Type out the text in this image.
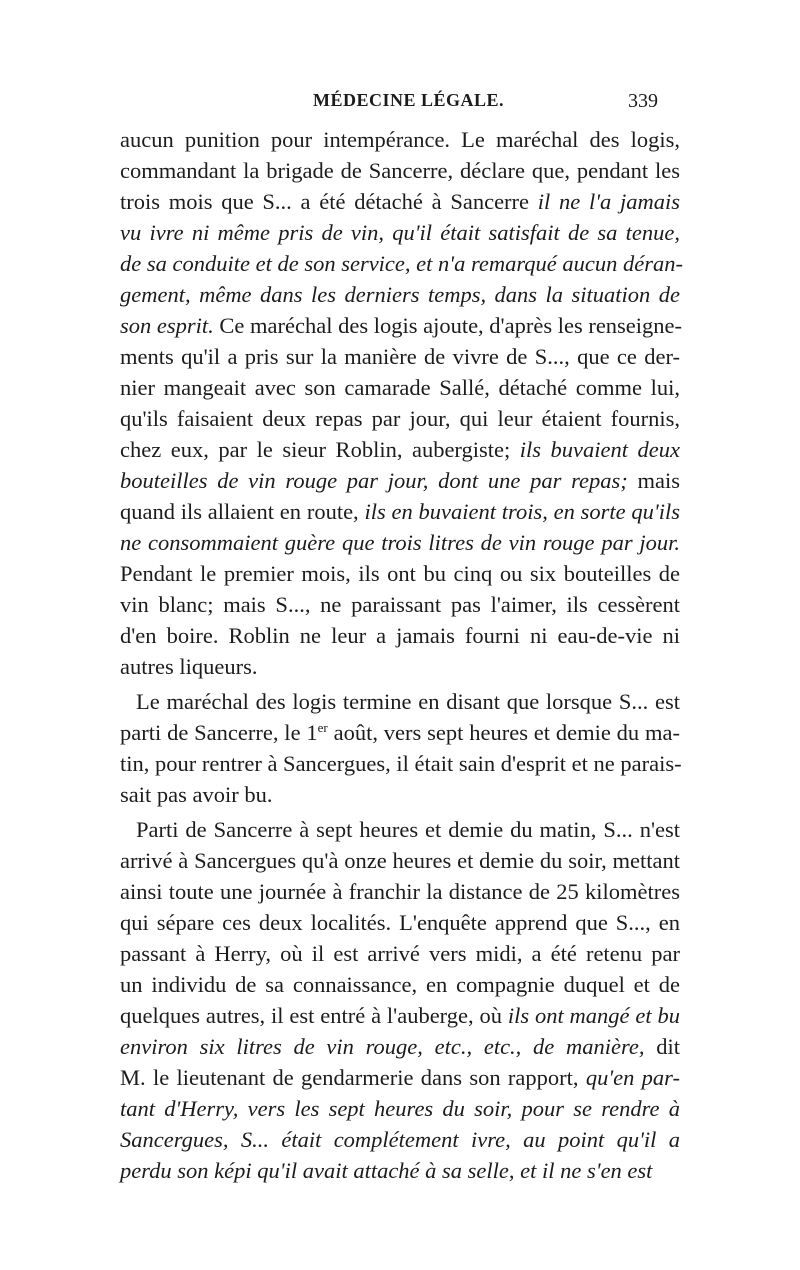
MÉDECINE LÉGALE.	339
aucun punition pour intempérance. Le maréchal des logis,
commandant la brigade de Sancerre, déclare que, pendant les
trois mois que S... a été détaché à Sancerre il ne l'a jamais
vu ivre ni même pris de vin, qu'il était satisfait de sa tenue,
de sa conduite et de son service, et n'a remarqué aucun déran-
gement, même dans les derniers temps, dans la situation de
son esprit. Ce maréchal des logis ajoute, d'après les renseigne-
ments qu'il a pris sur la manière de vivre de S..., que ce der-
nier mangeait avec son camarade Sallé, détaché comme lui,
qu'ils faisaient deux repas par jour, qui leur étaient fournis,
chez eux, par le sieur Roblin, aubergiste; ils buvaient deux
bouteilles de vin rouge par jour, dont une par repas; mais
quand ils allaient en route, ils en buvaient trois, en sorte qu'ils
ne consommaient guère que trois litres de vin rouge par jour.
Pendant le premier mois, ils ont bu cinq ou six bouteilles de
vin blanc; mais S..., ne paraissant pas l'aimer, ils cessèrent
d'en boire. Roblin ne leur a jamais fourni ni eau-de-vie ni
autres liqueurs.
Le maréchal des logis termine en disant que lorsque S... est
parti de Sancerre, le 1er août, vers sept heures et demie du ma-
tin, pour rentrer à Sancergues, il était sain d'esprit et ne parais-
sait pas avoir bu.
Parti de Sancerre à sept heures et demie du matin, S... n'est
arrivé à Sancergues qu'à onze heures et demie du soir, mettant
ainsi toute une journée à franchir la distance de 25 kilomètres
qui sépare ces deux localités. L'enquête apprend que S..., en
passant à Herry, où il est arrivé vers midi, a été retenu par
un individu de sa connaissance, en compagnie duquel et de
quelques autres, il est entré à l'auberge, où ils ont mangé et bu
environ six litres de vin rouge, etc., etc., de manière, dit
M. le lieutenant de gendarmerie dans son rapport, qu'en par-
tant d'Herry, vers les sept heures du soir, pour se rendre à
Sancergues, S... était complétement ivre, au point qu'il a
perdu son képi qu'il avait attaché à sa selle, et il ne s'en est
